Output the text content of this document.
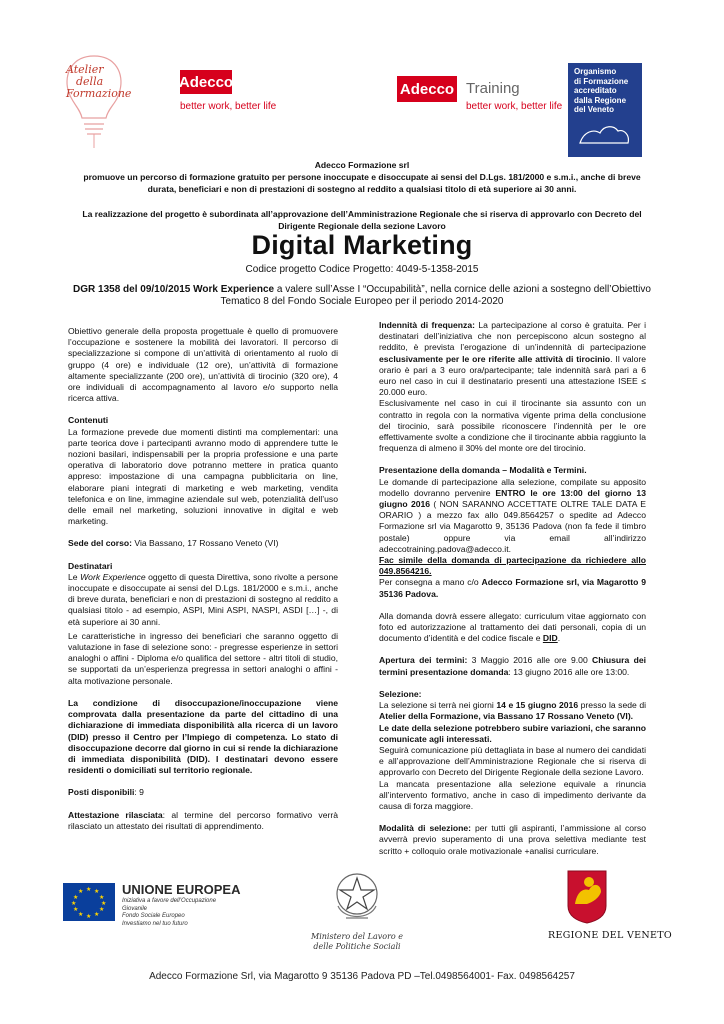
Atelier
della
Formazione
Adecco
better work, better life
Adecco Training
better work, better life
Organismo
di Formazione
accreditato
dalla Regione
del Veneto
Adecco Formazione srl
promuove un percorso di formazione gratuito per persone inoccupate e disoccupate ai sensi del D.Lgs. 181/2000 e s.m.i., anche di breve
durata, beneficiari e non di prestazioni di sostegno al reddito a qualsiasi titolo di età superiore ai 30 anni.
La realizzazione del progetto è subordinata all’approvazione dell’Amministrazione Regionale che si riserva di approvarlo con Decreto del
Dirigente Regionale della sezione Lavoro
Digital Marketing
Codice progetto Codice Progetto: 4049-5-1358-2015
DGR 1358 del 09/10/2015 Work Experience a valere sull’Asse I “Occupabilità”, nella cornice delle azioni a sostegno dell’Obiettivo
Tematico 8 del Fondo Sociale Europeo per il periodo 2014-2020

Obiettivo generale della proposta progettuale è quello di promuovere l’occupazione e sostenere la mobilità dei lavoratori. Il percorso di specializzazione si compone di un’attività di orientamento al ruolo di gruppo (4 ore) e individuale (12 ore), un’attività di formazione altamente specializzante (200 ore), un’attività di tirocinio (320 ore), 4 ore individuali di accompagnamento al lavoro e/o supporto nella ricerca attiva.

Contenuti
La formazione prevede due momenti distinti ma complementari: una parte teorica dove i partecipanti avranno modo di apprendere tutte le nozioni basilari, indispensabili per la propria professione e una parte operativa di laboratorio dove potranno mettere in pratica quanto appreso: impostazione di una campagna pubblicitaria on line, elaborare piani integrati di marketing e web marketing, vendita telefonica e on line, immagine aziendale sul web, potenzialità dell’uso delle email nel marketing, soluzioni innovative in digital e web marketing.

Sede del corso: Via Bassano, 17 Rossano Veneto (VI)

Destinatari
Le Work Experience oggetto di questa Direttiva, sono rivolte a persone inoccupate e disoccupate ai sensi del D.Lgs. 181/2000 e s.m.i., anche di breve durata, beneficiari e non di prestazioni di sostegno al reddito a qualsiasi titolo - ad esempio, ASPI, Mini ASPI, NASPI, ASDI […] -, di età superiore ai 30 anni.

Le caratteristiche in ingresso dei beneficiari che saranno oggetto di valutazione in fase di selezione sono: - pregresse esperienze in settori analoghi o affini - Diploma e/o qualifica del settore - altri titoli di studio, se supportati da un’esperienza pregressa in settori analoghi o affini - alta motivazione personale.

La condizione di disoccupazione/inoccupazione viene comprovata dalla presentazione da parte del cittadino di una dichiarazione di immediata disponibilità alla ricerca di un lavoro (DID) presso il Centro per l’Impiego di competenza. Lo stato di disoccupazione decorre dal giorno in cui si rende la dichiarazione di immediata disponibilità (DID). I destinatari devono essere residenti o domiciliati sul territorio regionale.

Posti disponibili: 9

Attestazione rilasciata: al termine del percorso formativo verrà rilasciato un attestato dei risultati di apprendimento.

Indennità di frequenza: La partecipazione al corso è gratuita. Per i destinatari dell’iniziativa che non percepiscono alcun sostegno al reddito, è prevista l’erogazione di un’indennità di partecipazione esclusivamente per le ore riferite alle attività di tirocinio. Il valore orario è pari a 3 euro ora/partecipante; tale indennità sarà pari a 6 euro nel caso in cui il destinatario presenti una attestazione ISEE ≤ 20.000 euro.

Esclusivamente nel caso in cui il tirocinante sia assunto con un contratto in regola con la normativa vigente prima della conclusione del tirocinio, sarà possibile riconoscere l’indennità per le ore effettivamente svolte a condizione che il tirocinante abbia raggiunto la frequenza di almeno il 30% del monte ore del tirocinio.

Presentazione della domanda – Modalità e Termini.
Le domande di partecipazione alla selezione, compilate su apposito modello dovranno pervenire ENTRO le ore 13:00 del giorno 13 giugno 2016 ( NON SARANNO ACCETTATE OLTRE TALE DATA E ORARIO ) a mezzo fax allo 049.8564257 o spedite ad Adecco Formazione srl via Magarotto 9, 35136 Padova (non fa fede il timbro postale) oppure via email all’indirizzo adeccotraining.padova@adecco.it.

Fac simile della domanda di partecipazione da richiedere allo 049.8564216.

Per consegna a mano c/o Adecco Formazione srl, via Magarotto 9 35136 Padova.

Alla domanda dovrà essere allegato: curriculum vitae aggiornato con foto ed autorizzazione al trattamento dei dati personali, copia di un documento d’identità e del codice fiscale e DID.

Apertura dei termini: 3 Maggio 2016 alle ore 9.00 Chiusura dei termini presentazione domanda: 13 giugno 2016 alle ore 13:00.

Selezione:
La selezione si terrà nei giorni 14 e 15 giugno 2016 presso la sede di Atelier della Formazione, via Bassano 17 Rossano Veneto (VI).

Le date della selezione potrebbero subire variazioni, che saranno comunicate agli interessati.

Seguirà comunicazione più dettagliata in base al numero dei candidati e all’approvazione dell’Amministrazione Regionale che si riserva di approvarlo con Decreto del Dirigente Regionale della sezione Lavoro.

La mancata presentazione alla selezione equivale a rinuncia all’intervento formativo, anche in caso di impedimento derivante da causa di forza maggiore.

Modalità di selezione: per tutti gli aspiranti, l’ammissione al corso avverrà previo superamento di una prova selettiva mediante test scritto + colloquio orale motivazionale +analisi curriculare.

★ ★
★
★
★
★
★
★
★
★
★
★	UNIONE EUROPEA
Iniziativa a favore dell’Occupazione Giovanile
Fondo Sociale Europeo
Investiamo nel tuo futuro
Ministero del Lavoro e
delle Politiche Sociali
REGIONE DEL VENETO
Adecco Formazione Srl, via Magarotto 9 35136 Padova PD –Tel.0498564001- Fax. 0498564257
